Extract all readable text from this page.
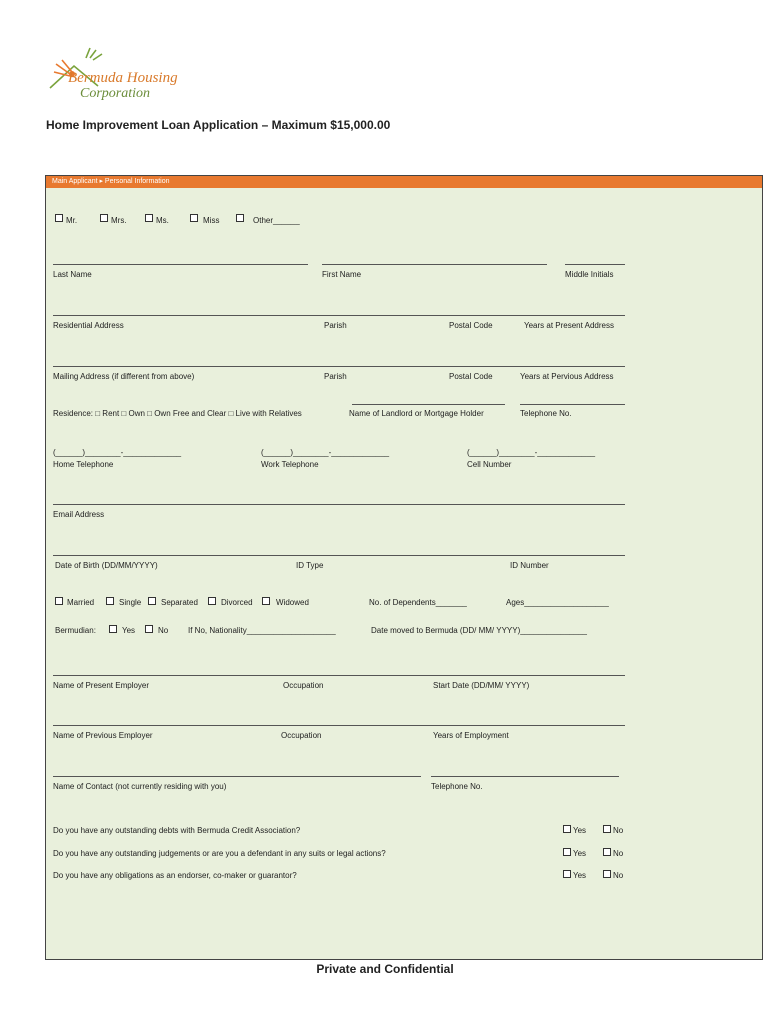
Bermuda Housing
Corporation
Home Improvement Loan Application – Maximum $15,000.00
Main Applicant ▸ Personal Information
Mr.	Mrs.	Ms.	Miss	Other______
Last Name	First Name	Middle Initials
Residential Address	Parish	Postal Code	Years at Present Address
Mailing Address (if different from above)	Parish	Postal Code	Years at Pervious Address
Residence: □ Rent □ Own □ Own Free and Clear □ Live with Relatives	Name of Landlord or Mortgage Holder	Telephone No.
(______)________-_____________	(______)________-_____________	(______)________-_____________
Home Telephone	Work Telephone	Cell Number
Email Address
Date of Birth (DD/MM/YYYY)	ID Type	ID Number
Married	Single Separated	Divorced	Widowed	No. of Dependents_______	Ages___________________
Bermudian:	Yes	No If No, Nationality____________________	Date moved to Bermuda (DD/ MM/ YYYY)_______________
Name of Present Employer	Occupation	Start Date (DD/MM/ YYYY)
Name of Previous Employer	Occupation	Years of Employment
Name of Contact (not currently residing with you)	Telephone No.
Do you have any outstanding debts with Bermuda Credit Association?	Yes	No
Do you have any outstanding judgements or are you a defendant in any suits or legal actions?	Yes	No
Do you have any obligations as an endorser, co-maker or guarantor?	Yes	No
Private and Confidential
